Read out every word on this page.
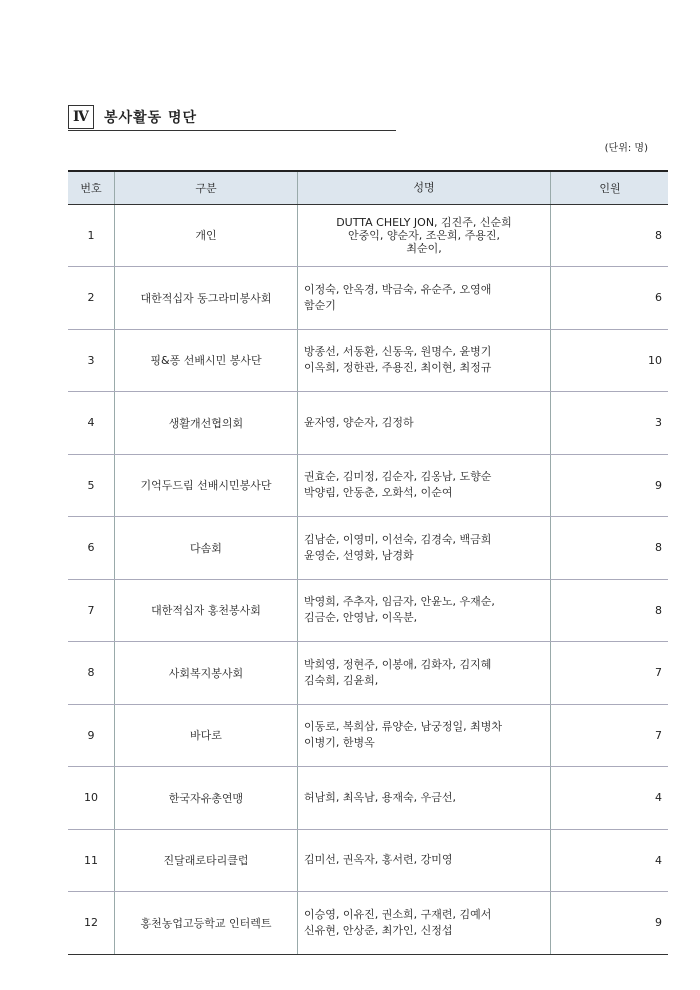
Ⅳ	봉사활동 명단
(단위: 명)
번호	구분	성명	인원
1	개인	DUTTA CHELY JON, 김진주, 신순희
안중익, 양순자, 조은희, 주용진,
최순이,	8
2	대한적십자 동그라미봉사회	이정숙, 안옥경, 박금숙, 유순주, 오영애
함순기	6
3	핑&퐁 선배시민 봉사단	방종선, 서동환, 신동욱, 원명수, 윤병기
이옥희, 정한관, 주용진, 최이현, 최정규	10
4	생활개선협의회	윤자영, 양순자, 김정하	3
5	기억두드림 선배시민봉사단	권효순, 김미정, 김순자, 김옹남, 도향순
박양림, 안동춘, 오화석, 이순여	9
6	다솜회	김남순, 이영미, 이선숙, 김경숙, 백금희
윤영순, 선영화, 남경화	8
7	대한적십자 홍천봉사회	박영희, 주추자, 임금자, 안윤노, 우재순,
김금순, 안영남, 이옥분,	8
8	사회복지봉사회	박희영, 정현주, 이봉애, 김화자, 김지혜
김숙희, 김윤희,	7
9	바다로	이동로, 복희삼, 류양순, 남궁정일, 최병차
이병기, 한병옥	7
10	한국자유총연맹	허남희, 최옥남, 용재숙, 우금선,	4
11	진달래로타리클럽	김미선, 권옥자, 홍서련, 강미영	4
12	홍천농업고등학교 인터렉트	이승영, 이유진, 권소희, 구재련, 김예서
신유현, 안상준, 최가인, 신정섭	9
